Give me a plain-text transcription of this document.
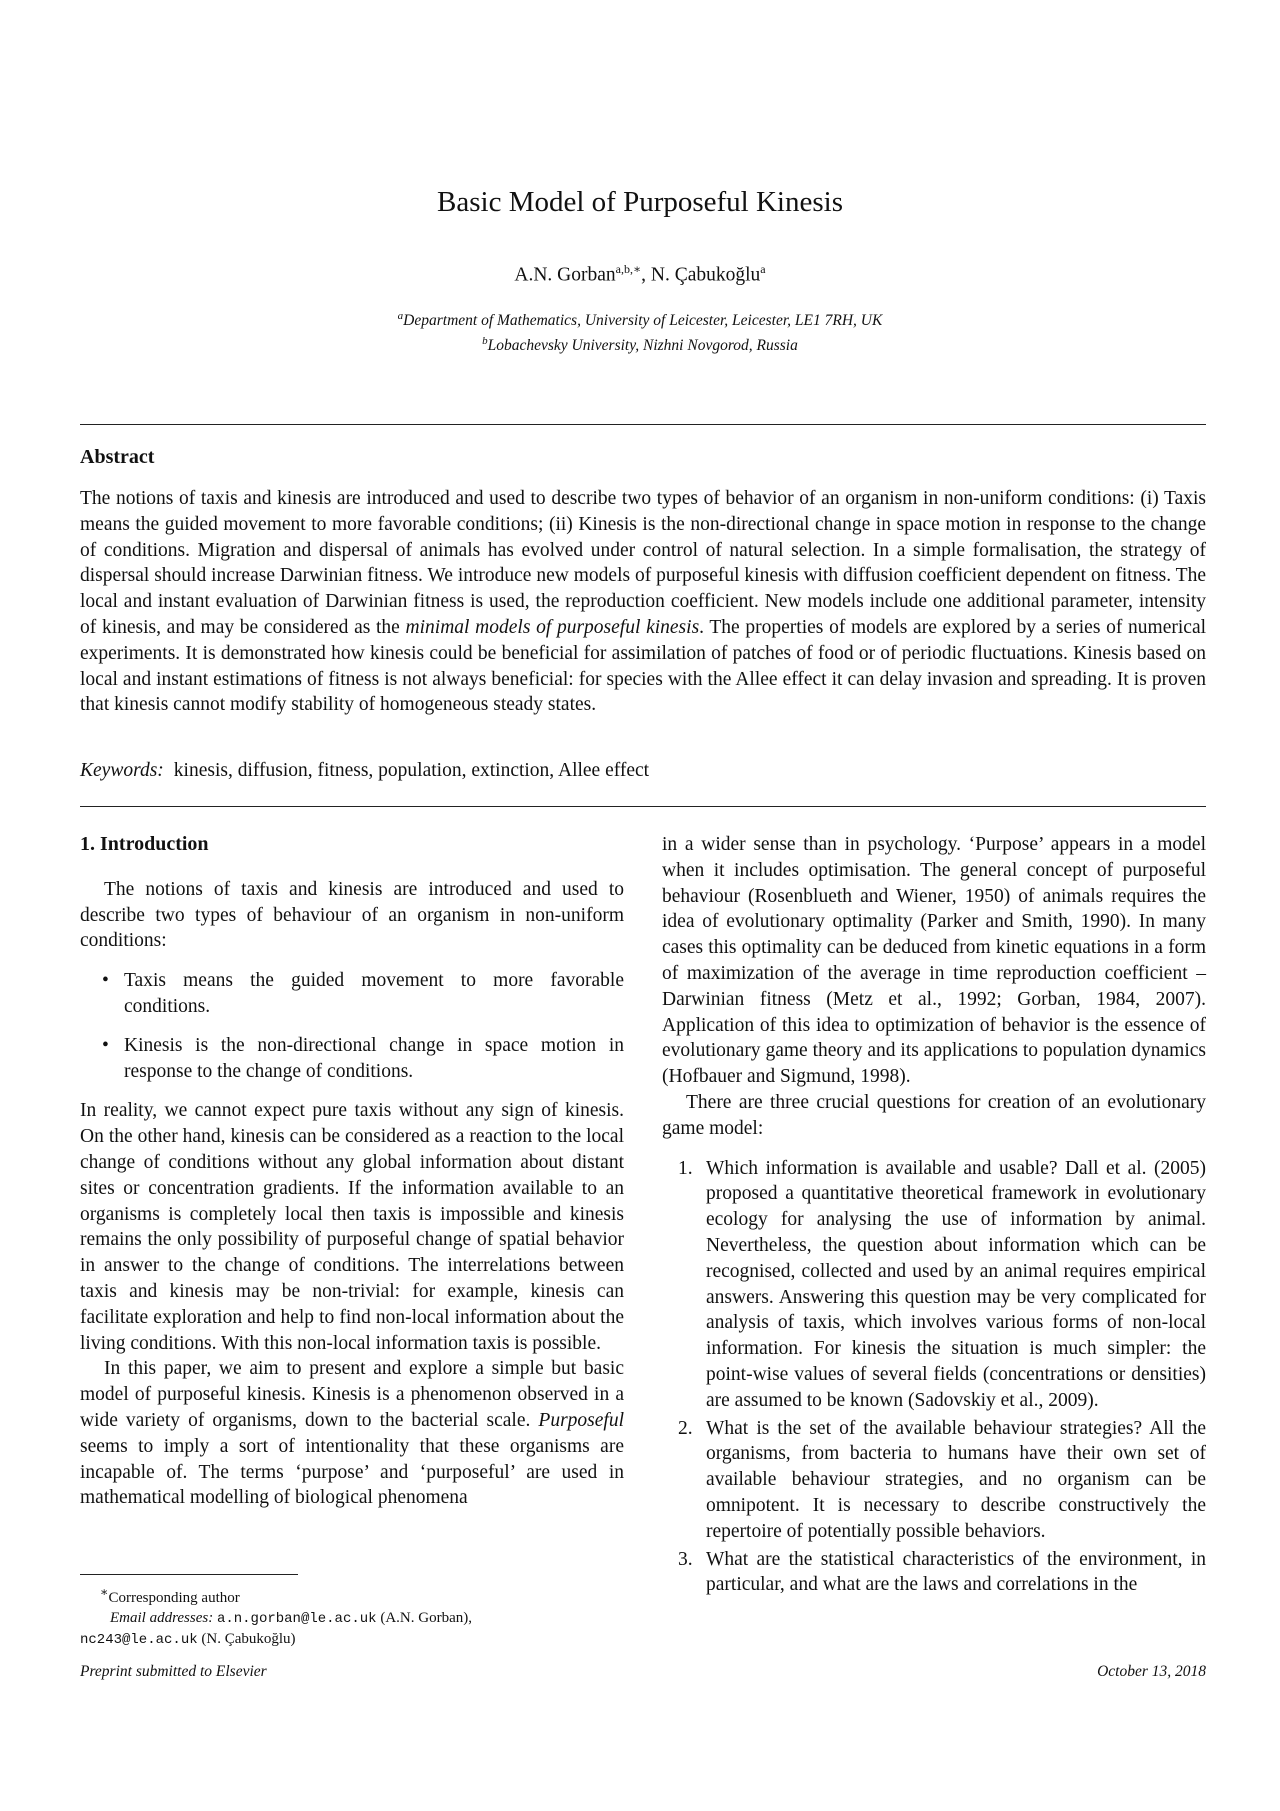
Basic Model of Purposeful Kinesis
A.N. Gorban$^{a,b,∗}$, N. Çabukoğlu$^a$
$^a$Department of Mathematics, University of Leicester, Leicester, LE1 7RH, UK
$^b$Lobachevsky University, Nizhni Novgorod, Russia
Abstract
The notions of taxis and kinesis are introduced and used to describe two types of behavior of an organism in non-uniform conditions: (i) Taxis means the guided movement to more favorable conditions; (ii) Kinesis is the non-directional change in space motion in response to the change of conditions. Migration and dispersal of animals has evolved under control of natural selection. In a simple formalisation, the strategy of dispersal should increase Darwinian fitness. We introduce new models of purposeful kinesis with diffusion coefficient dependent on fitness. The local and instant evaluation of Darwinian fitness is used, the reproduction coefficient. New models include one additional parameter, intensity of kinesis, and may be considered as the minimal models of purposeful kinesis. The properties of models are explored by a series of numerical experiments. It is demonstrated how kinesis could be beneficial for assimilation of patches of food or of periodic fluctuations. Kinesis based on local and instant estimations of fitness is not always beneficial: for species with the Allee effect it can delay invasion and spreading. It is proven that kinesis cannot modify stability of homogeneous steady states.
Keywords: kinesis, diffusion, fitness, population, extinction, Allee effect
1. Introduction

The notions of taxis and kinesis are introduced and used to describe two types of behaviour of an organism in non-uniform conditions:

• Taxis means the guided movement to more favorable conditions.
• Kinesis is the non-directional change in space motion in response to the change of conditions.

In reality, we cannot expect pure taxis without any sign of kinesis. On the other hand, kinesis can be considered as a reaction to the local change of conditions without any global information about distant sites or concentration gradients. If the information available to an organisms is completely local then taxis is impossible and kinesis remains the only possibility of purposeful change of spatial behavior in answer to the change of conditions. The interrelations between taxis and kinesis may be non-trivial: for example, kinesis can facilitate exploration and help to find non-local information about the living conditions. With this non-local information taxis is possible.

In this paper, we aim to present and explore a simple but basic model of purposeful kinesis. Kinesis is a phenomenon observed in a wide variety of organisms, down to the bacterial scale. Purposeful seems to imply a sort of intentionality that these organisms are incapable of. The terms ‘purpose’ and ‘purposeful’ are used in mathematical modelling of biological phenomena

in a wider sense than in psychology. ‘Purpose’ appears in a model when it includes optimisation. The general concept of purposeful behaviour (Rosenblueth and Wiener, 1950) of animals requires the idea of evolutionary optimality (Parker and Smith, 1990). In many cases this optimality can be deduced from kinetic equations in a form of maximization of the average in time reproduction coefficient – Darwinian fitness (Metz et al., 1992; Gorban, 1984, 2007). Application of this idea to optimization of behavior is the essence of evolutionary game theory and its applications to population dynamics (Hofbauer and Sigmund, 1998).

There are three crucial questions for creation of an evolutionary game model:

1. Which information is available and usable? Dall et al. (2005) proposed a quantitative theoretical framework in evolutionary ecology for analysing the use of information by animal. Nevertheless, the question about information which can be recognised, collected and used by an animal requires empirical answers. Answering this question may be very complicated for analysis of taxis, which involves various forms of non-local information. For kinesis the situation is much simpler: the point-wise values of several fields (concentrations or densities) are assumed to be known (Sadovskiy et al., 2009).
2. What is the set of the available behaviour strategies? All the organisms, from bacteria to humans have their own set of available behaviour strategies, and no organism can be omnipotent. It is necessary to describe constructively the repertoire of potentially possible behaviors.
3. What are the statistical characteristics of the environment, in particular, and what are the laws and correlations in the
∗Corresponding author
Email addresses: a.n.gorban@le.ac.uk (A.N. Gorban),
nc243@le.ac.uk (N. Çabukoğlu)
Preprint submitted to Elsevier	October 13, 2018
